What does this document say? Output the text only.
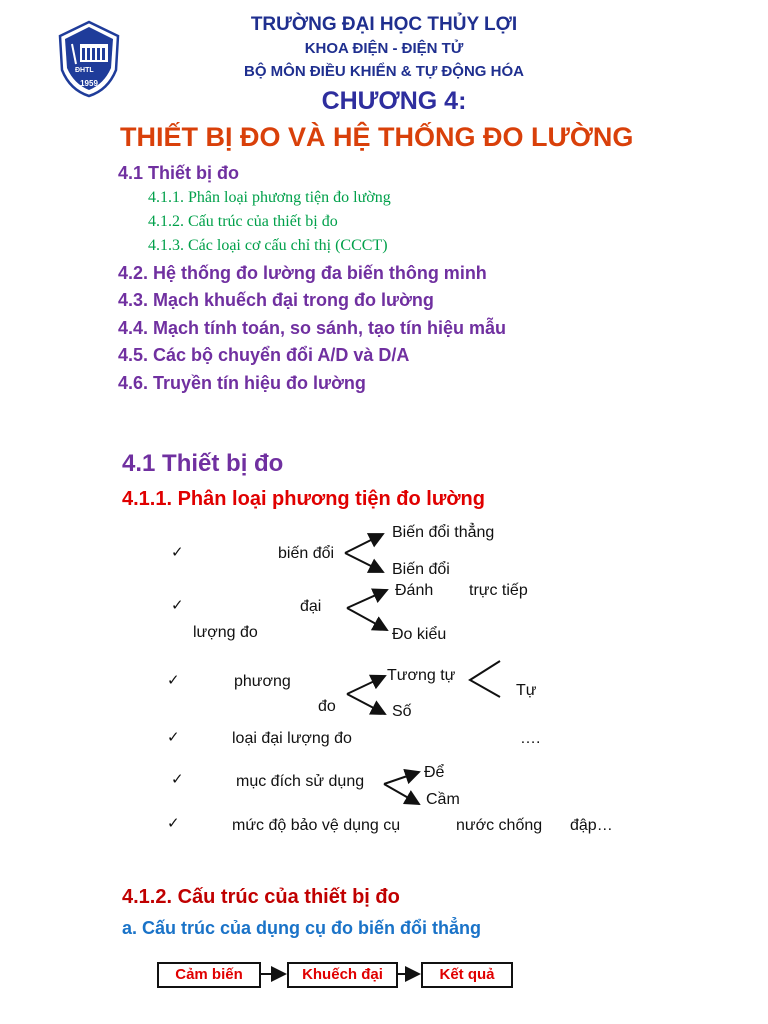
ĐHTL
1959
TRƯỜNG ĐẠI HỌC THỦY LỢI
KHOA ĐIỆN - ĐIỆN TỬ
BỘ MÔN ĐIỀU KHIỂN & TỰ ĐỘNG HÓA
CHƯƠNG 4:
THIẾT BỊ ĐO VÀ HỆ THỐNG ĐO LƯỜNG
4.1 Thiết bị đo
4.1.1. Phân loại phương tiện đo lường
4.1.2. Cấu trúc của thiết bị đo
4.1.3. Các loại cơ cấu chỉ thị (CCCT)
4.2. Hệ thống đo lường đa biến thông minh
4.3. Mạch khuếch đại trong đo lường
4.4. Mạch tính toán, so sánh, tạo tín hiệu mẫu
4.5. Các bộ chuyển đổi A/D và D/A
4.6. Truyền tín hiệu đo lường
4.1 Thiết bị đo
4.1.1. Phân loại phương tiện đo lường
✓	biến đổi
Biến đổi thẳng
Biến đổi
✓	đại
lượng đo
Đánh trực tiếp
Đo kiểu
✓	phương
đo
Tương tự
Tự
Số
✓	loại đại lượng đo	….
✓	mục đích sử dụng
Để
Cầm
✓	mức độ bảo vệ dụng cụ	nước chống đập…
4.1.2. Cấu trúc của thiết bị đo
a. Cấu trúc của dụng cụ đo biến đổi thẳng
Cảm biến	Khuếch đại	Kết quả
